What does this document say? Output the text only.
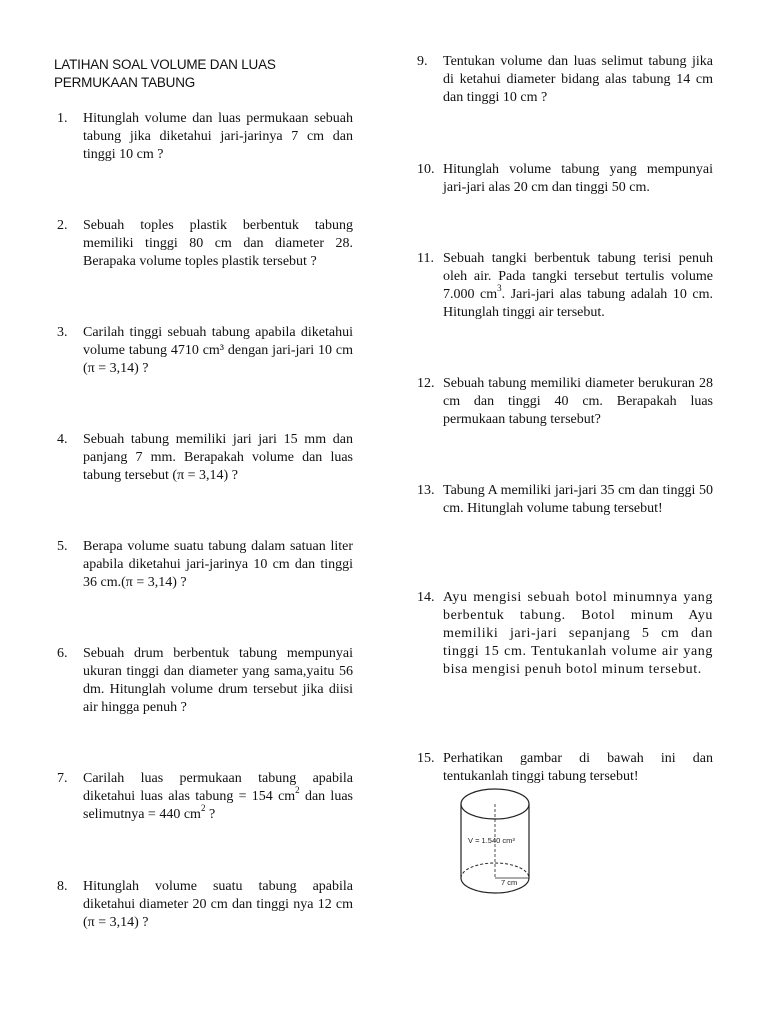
LATIHAN SOAL VOLUME DAN LUAS
PERMUKAAN TABUNG
1.	Hitunglah volume dan luas permukaan sebuah tabung jika diketahui jari-jarinya 7 cm dan tinggi 10 cm ?
2.	Sebuah toples plastik berbentuk tabung memiliki tinggi 80 cm dan diameter 28. Berapaka volume toples plastik tersebut ?
3.	Carilah tinggi sebuah tabung apabila diketahui volume tabung 4710 cm³ dengan jari-jari 10 cm (π = 3,14) ?
4.	Sebuah tabung memiliki jari jari 15 mm dan panjang 7 mm. Berapakah volume dan luas tabung tersebut (π = 3,14) ?
5.	Berapa volume suatu tabung dalam satuan liter apabila diketahui jari-jarinya 10 cm dan tinggi 36 cm.(π = 3,14) ?
6.	Sebuah drum berbentuk tabung mempunyai ukuran tinggi dan diameter yang sama,yaitu 56 dm. Hitunglah volume drum tersebut jika diisi air hingga penuh ?
7.	Carilah luas permukaan tabung apabila diketahui luas alas tabung = 154 $cm^2$ dan luas selimutnya = 440 $cm^2$ ?
8.	Hitunglah volume suatu tabung apabila diketahui diameter 20 cm dan tinggi nya 12 cm (π = 3,14) ?
9.	Tentukan volume dan luas selimut tabung jika di ketahui diameter bidang alas tabung 14 cm dan tinggi 10 cm ?
10. Hitunglah volume tabung yang mempunyai jari-jari alas 20 cm dan tinggi 50 cm.
11. Sebuah tangki berbentuk tabung terisi penuh oleh air. Pada tangki tersebut tertulis volume 7.000 $cm^3$. Jari-jari alas tabung adalah 10 cm. Hitunglah tinggi air tersebut.
12. Sebuah tabung memiliki diameter berukuran 28 cm dan tinggi 40 cm. Berapakah luas permukaan tabung tersebut?
13. Tabung A memiliki jari-jari 35 cm dan tinggi 50 cm. Hitunglah volume tabung tersebut!
14. Ayu mengisi sebuah botol minumnya yang berbentuk tabung. Botol minum Ayu memiliki jari-jari sepanjang 5 cm dan tinggi 15 cm. Tentukanlah volume air yang bisa mengisi penuh botol minum tersebut.
15. Perhatikan gambar di bawah ini dan tentukanlah tinggi tabung tersebut!
V = 1.540 cm³
7 cm
